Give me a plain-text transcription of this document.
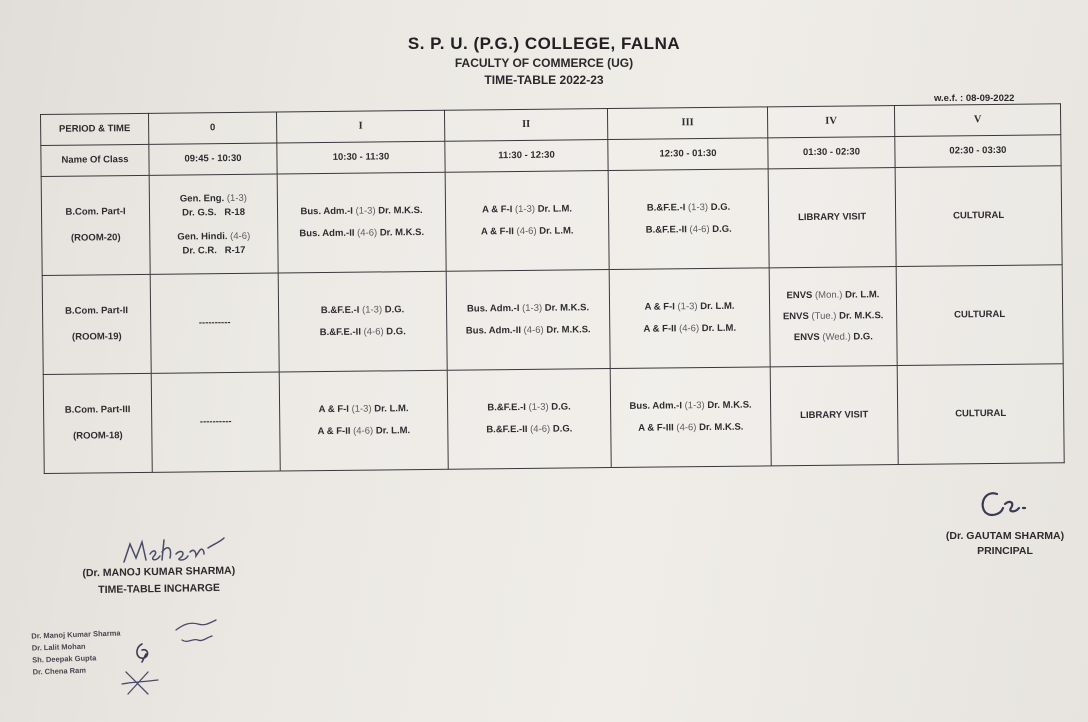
S. P. U. (P.G.) COLLEGE, FALNA
FACULTY OF COMMERCE (UG)
TIME-TABLE 2022-23
w.e.f. : 08-09-2022
PERIOD & TIME	0	I	II	III	IV	V
Name Of Class	09:45 - 10:30	10:30 - 11:30	11:30 - 12:30	12:30 - 01:30	01:30 - 02:30	02:30 - 03:30

B.Com. Part-I
(ROOM-20)	Gen. Eng. (1-3)
Dr. G.S. R-18
Gen. Hindi. (4-6)
Dr. C.R. R-17	Bus. Adm.-I (1-3) Dr. M.K.S.
Bus. Adm.-II (4-6) Dr. M.K.S.	A & F-I (1-3) Dr. L.M.
A & F-II (4-6) Dr. L.M.	B.&F.E.-I (1-3) D.G.
B.&F.E.-II (4-6) D.G.	LIBRARY VISIT	CULTURAL

B.Com. Part-II
(ROOM-19)	----------	B.&F.E.-I (1-3) D.G.
B.&F.E.-II (4-6) D.G.	Bus. Adm.-I (1-3) Dr. M.K.S.
Bus. Adm.-II (4-6) Dr. M.K.S.	A & F-I (1-3) Dr. L.M.
A & F-II (4-6) Dr. L.M.	ENVS (Mon.) Dr. L.M.
ENVS (Tue.) Dr. M.K.S.
ENVS (Wed.) D.G.	CULTURAL

B.Com. Part-III
(ROOM-18)	----------	A & F-I (1-3) Dr. L.M.
A & F-II (4-6) Dr. L.M.	B.&F.E.-I (1-3) D.G.
B.&F.E.-II (4-6) D.G.	Bus. Adm.-I (1-3) Dr. M.K.S.
A & F-III (4-6) Dr. M.K.S.	LIBRARY VISIT	CULTURAL
(Dr. GAUTAM SHARMA)
PRINCIPAL
(Dr. MANOJ KUMAR SHARMA)
TIME-TABLE INCHARGE
Dr. Manoj Kumar Sharma
Dr. Lalit Mohan
Sh. Deepak Gupta
Dr. Chena Ram
